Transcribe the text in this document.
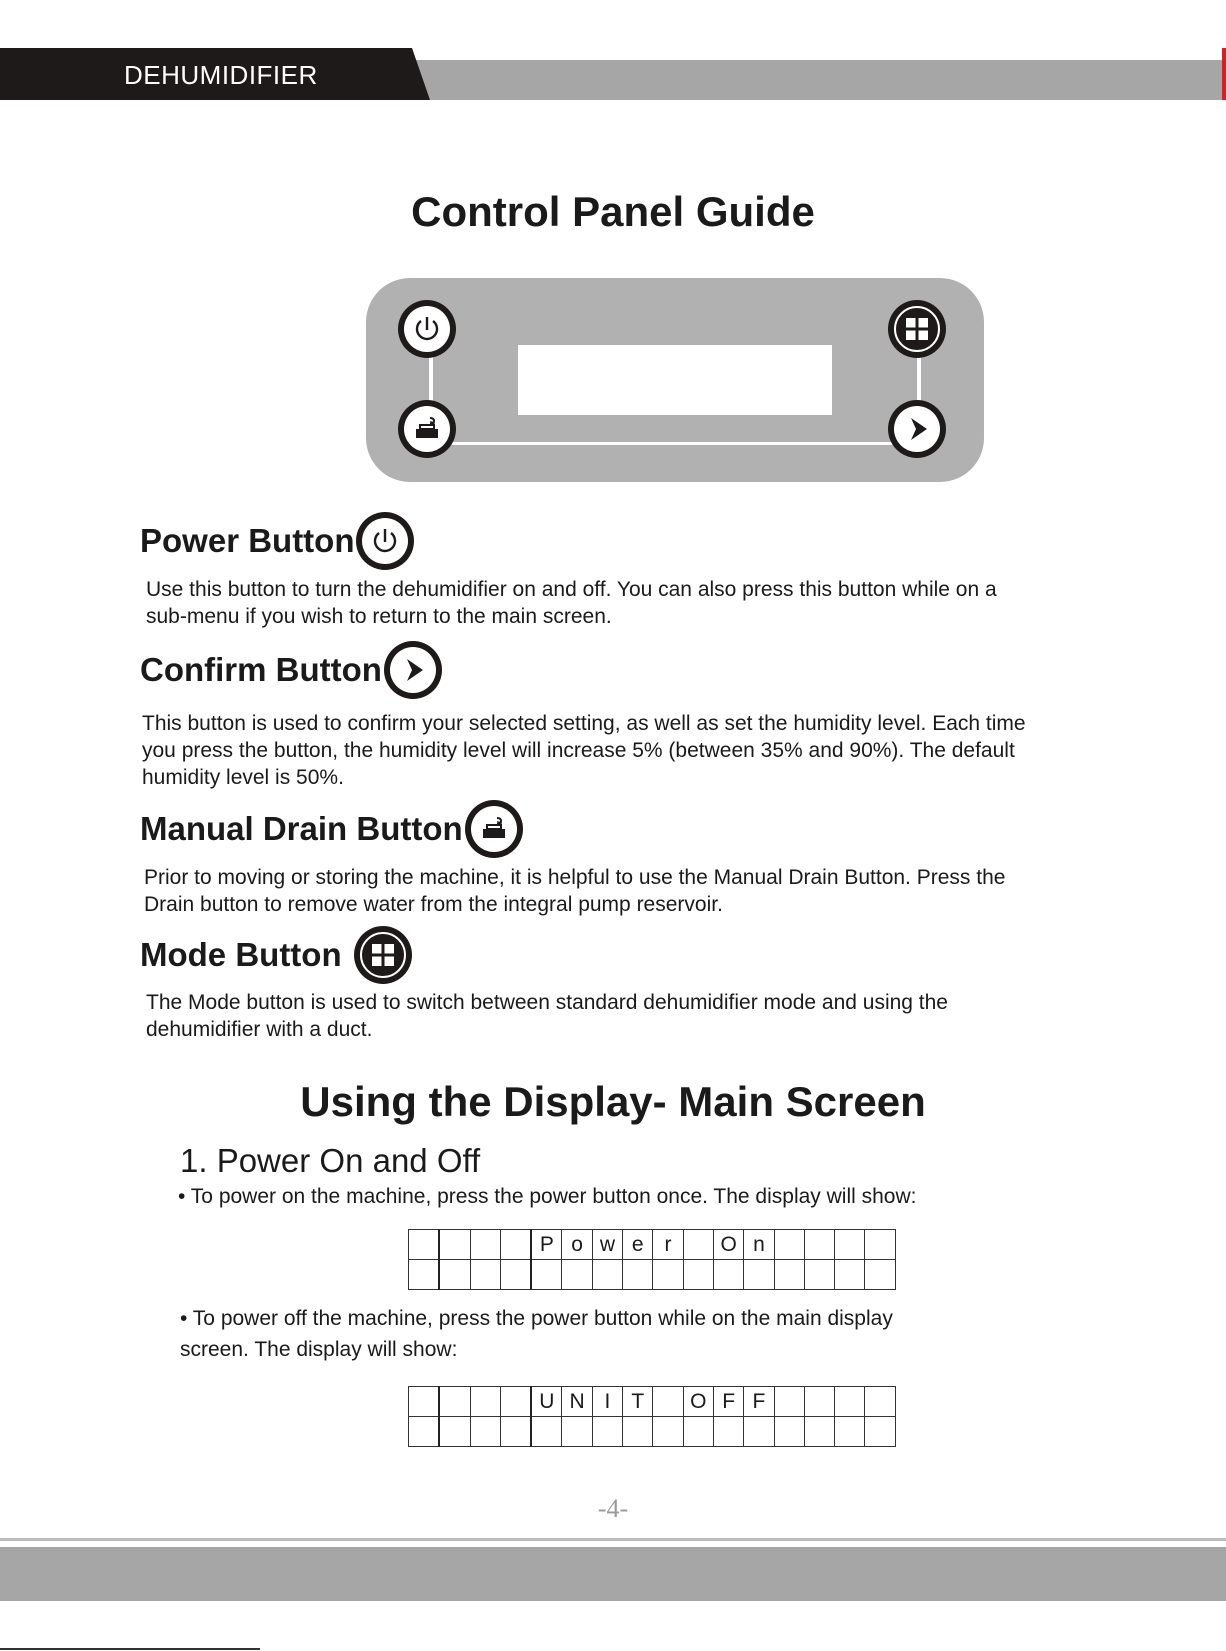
DEHUMIDIFIER
Control Panel Guide
Power Button
Use this button to turn the dehumidifier on and off. You can also press this button while on a
sub-menu if you wish to return to the main screen.
Confirm Button
This button is used to confirm your selected setting, as well as set the humidity level. Each time
you press the button, the humidity level will increase 5% (between 35% and 90%). The default
humidity level is 50%.
Manual Drain Button
Prior to moving or storing the machine, it is helpful to use the Manual Drain Button. Press the
Drain button to remove water from the integral pump reservoir.
Mode Button
The Mode button is used to switch between standard dehumidifier mode and using the
dehumidifier with a duct.
Using the Display- Main Screen
1. Power On and Off
• To power on the machine, press the power button once. The display will show:
				P	o	w	e	r		O	n				

• To power off the machine, press the power button while on the main display
screen. The display will show:
				U	N	I	T		O	F	F				

-4-
